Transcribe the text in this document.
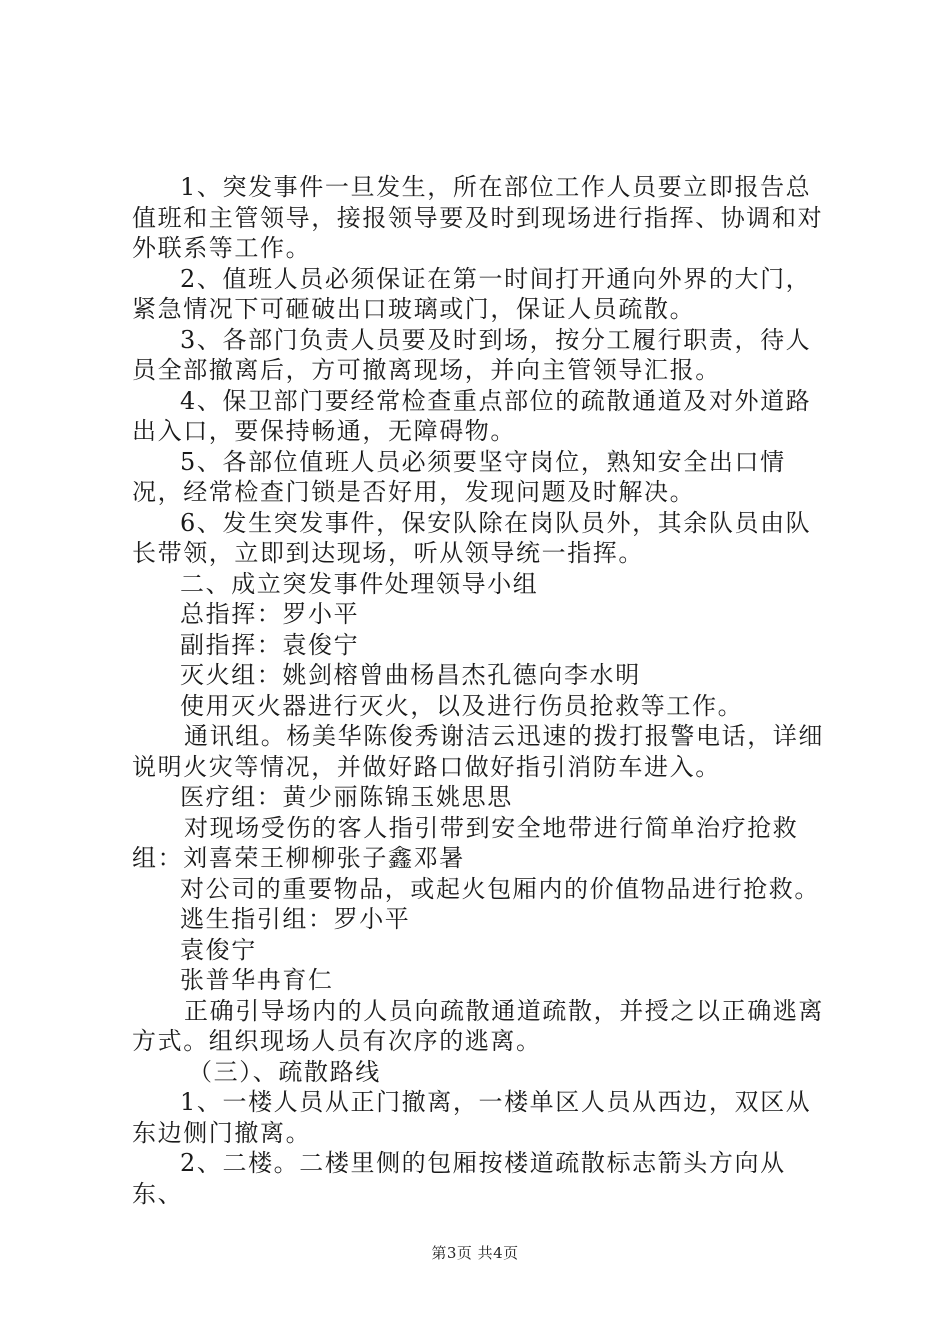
1、突发事件一旦发生，所在部位工作人员要立即报告总值班和主管领导，接报领导要及时到现场进行指挥、协调和对外联系等工作。

2、值班人员必须保证在第一时间打开通向外界的大门，紧急情况下可砸破出口玻璃或门，保证人员疏散。

3、各部门负责人员要及时到场，按分工履行职责，待人员全部撤离后，方可撤离现场，并向主管领导汇报。

4、保卫部门要经常检查重点部位的疏散通道及对外道路出入口，要保持畅通，无障碍物。

5、各部位值班人员必须要坚守岗位，熟知安全出口情况，经常检查门锁是否好用，发现问题及时解决。

6、发生突发事件，保安队除在岗队员外，其余队员由队长带领，立即到达现场，听从领导统一指挥。

二、成立突发事件处理领导小组

总指挥：罗小平

副指挥：袁俊宁

灭火组：姚剑榕曾曲杨昌杰孔德向李水明

使用灭火器进行灭火，以及进行伤员抢救等工作。

通讯组。杨美华陈俊秀谢洁云迅速的拨打报警电话，详细说明火灾等情况，并做好路口做好指引消防车进入。

医疗组：黄少丽陈锦玉姚思思

对现场受伤的客人指引带到安全地带进行简单治疗抢救组：刘喜荣王柳柳张子鑫邓暑

对公司的重要物品，或起火包厢内的价值物品进行抢救。

逃生指引组：罗小平

袁俊宁

张普华冉育仁

正确引导场内的人员向疏散通道疏散，并授之以正确逃离方式。组织现场人员有次序的逃离。

（三）、疏散路线

1、一楼人员从正门撤离，一楼单区人员从西边，双区从东边侧门撤离。

2、二楼。二楼里侧的包厢按楼道疏散标志箭头方向从东、

第3页 共4页
